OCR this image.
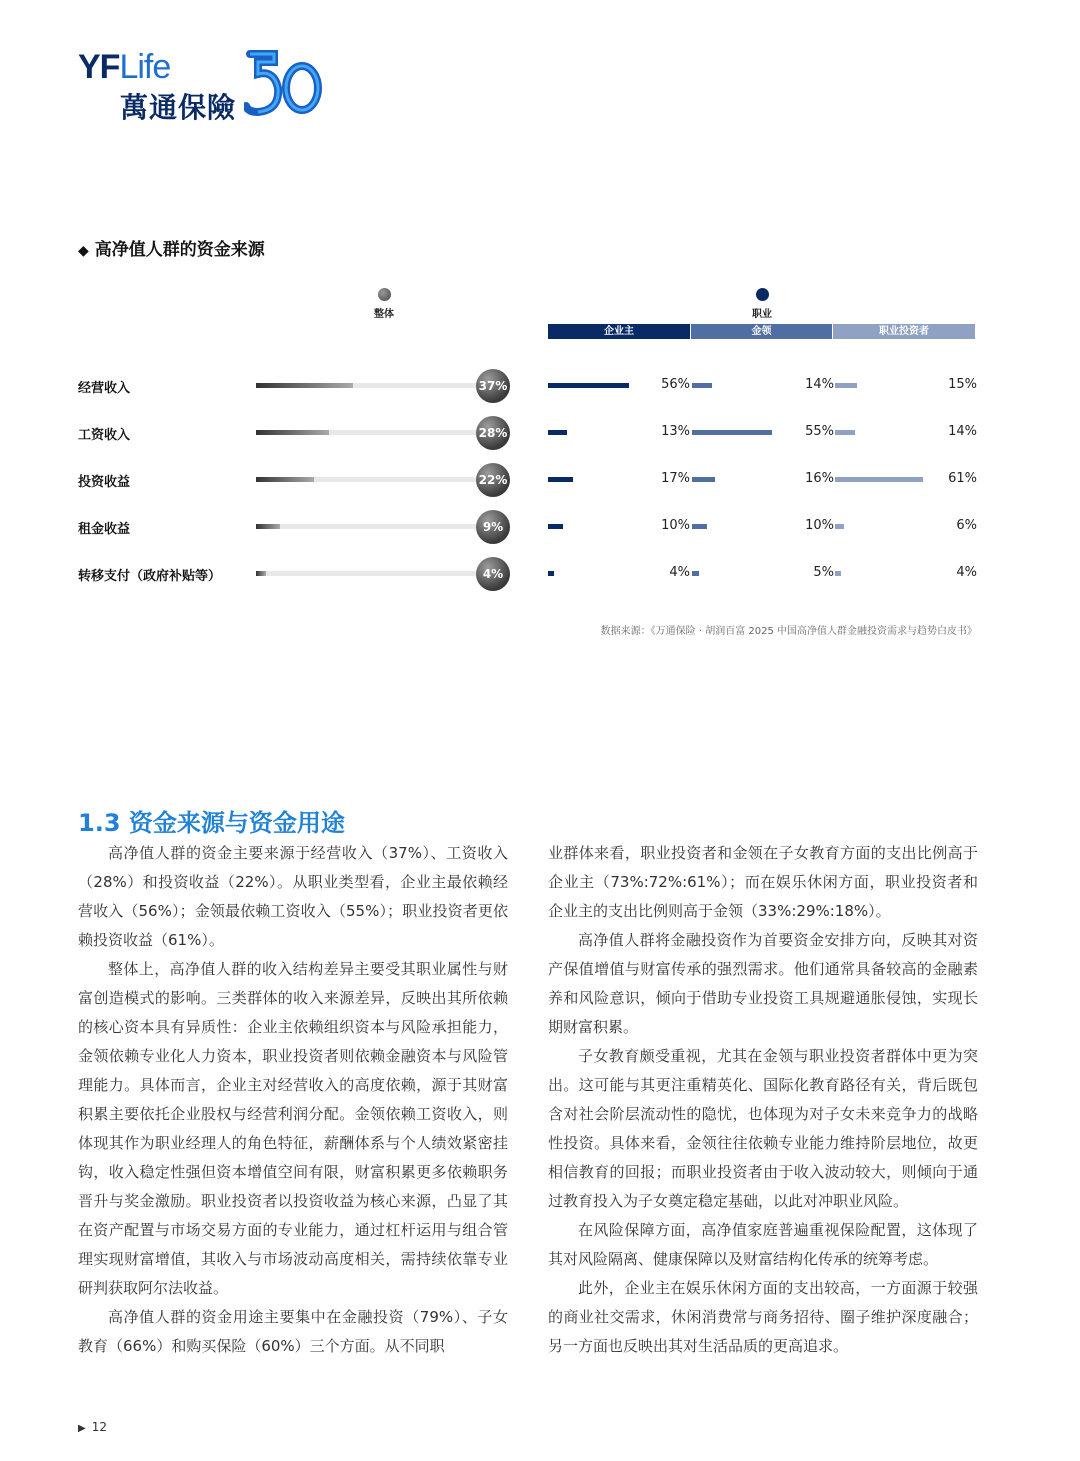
YFLife
萬通保險
◆ 高净值人群的资金来源
整体	职业
企业主	金领	职业投资者
经营收入	37%	56%	14%	15%
工资收入	28%	13%	55%	14%
投资收益	22%	17%	16%	61%
租金收益	9%	10%	10%	6%
转移支付（政府补贴等）	4%	4%	5%	4%
数据来源：《万通保险 · 胡润百富 2025 中国高净值人群金融投资需求与趋势白皮书》
1.3 资金来源与资金用途

高净值人群的资金主要来源于经营收入（37%）、工资收入（28%）和投资收益（22%）。从职业类型看，企业主最依赖经营收入（56%）；金领最依赖工资收入（55%）；职业投资者更依赖投资收益（61%）。

整体上，高净值人群的收入结构差异主要受其职业属性与财富创造模式的影响。三类群体的收入来源差异，反映出其所依赖的核心资本具有异质性：企业主依赖组织资本与风险承担能力，金领依赖专业化人力资本，职业投资者则依赖金融资本与风险管理能力。具体而言，企业主对经营收入的高度依赖，源于其财富积累主要依托企业股权与经营利润分配。金领依赖工资收入，则体现其作为职业经理人的角色特征，薪酬体系与个人绩效紧密挂钩，收入稳定性强但资本增值空间有限，财富积累更多依赖职务晋升与奖金激励。职业投资者以投资收益为核心来源，凸显了其在资产配置与市场交易方面的专业能力，通过杠杆运用与组合管理实现财富增值，其收入与市场波动高度相关，需持续依靠专业研判获取阿尔法收益。

高净值人群的资金用途主要集中在金融投资（79%）、子女教育（66%）和购买保险（60%）三个方面。从不同职

业群体来看，职业投资者和金领在子女教育方面的支出比例高于企业主（73%:72%:61%）；而在娱乐休闲方面，职业投资者和企业主的支出比例则高于金领（33%:29%:18%）。

高净值人群将金融投资作为首要资金安排方向，反映其对资产保值增值与财富传承的强烈需求。他们通常具备较高的金融素养和风险意识，倾向于借助专业投资工具规避通胀侵蚀，实现长期财富积累。

子女教育颇受重视，尤其在金领与职业投资者群体中更为突出。这可能与其更注重精英化、国际化教育路径有关，背后既包含对社会阶层流动性的隐忧，也体现为对子女未来竞争力的战略性投资。具体来看，金领往往依赖专业能力维持阶层地位，故更相信教育的回报；而职业投资者由于收入波动较大，则倾向于通过教育投入为子女奠定稳定基础，以此对冲职业风险。

在风险保障方面，高净值家庭普遍重视保险配置，这体现了其对风险隔离、健康保障以及财富结构化传承的统筹考虑。

此外，企业主在娱乐休闲方面的支出较高，一方面源于较强的商业社交需求，休闲消费常与商务招待、圈子维护深度融合；另一方面也反映出其对生活品质的更高追求。

▶ 12
